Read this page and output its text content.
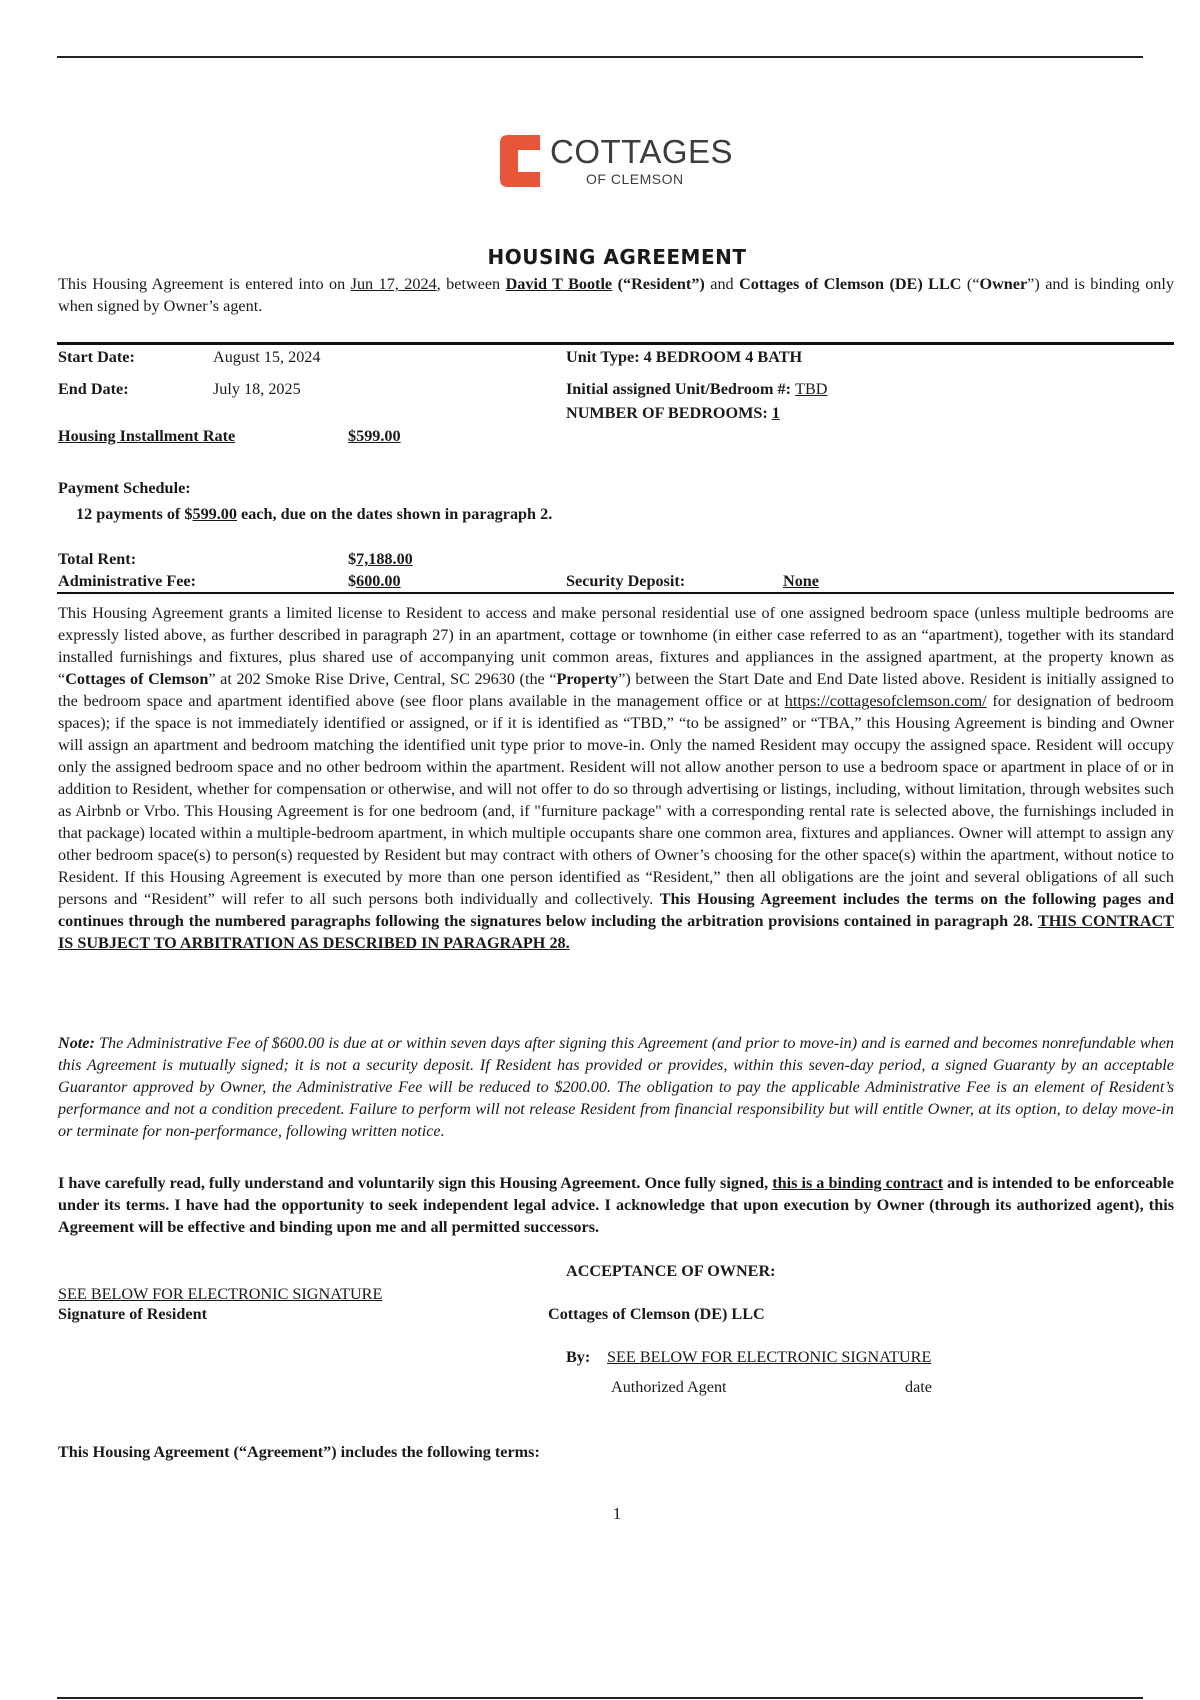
COTTAGES
OF CLEMSON
HOUSING AGREEMENT
This Housing Agreement is entered into on Jun 17, 2024, between David T Bootle (“Resident”) and Cottages of Clemson (DE) LLC (“Owner”) and is binding only when signed by Owner’s agent.
Start Date:	August 15, 2024	Unit Type: 4 BEDROOM 4 BATH
End Date:	July 18, 2025	Initial assigned Unit/Bedroom #: TBD
NUMBER OF BEDROOMS: 1
Housing Installment Rate	$599.00
Payment Schedule:
12 payments of $599.00 each, due on the dates shown in paragraph 2.
Total Rent:	$7,188.00
Administrative Fee:	$600.00	Security Deposit:	None
This Housing Agreement grants a limited license to Resident to access and make personal residential use of one assigned bedroom space (unless multiple bedrooms are expressly listed above, as further described in paragraph 27) in an apartment, cottage or townhome (in either case referred to as an “apartment), together with its standard installed furnishings and fixtures, plus shared use of accompanying unit common areas, fixtures and appliances in the assigned apartment, at the property known as “Cottages of Clemson” at 202 Smoke Rise Drive, Central, SC 29630 (the “Property”) between the Start Date and End Date listed above. Resident is initially assigned to the bedroom space and apartment identified above (see floor plans available in the management office or at https://cottagesofclemson.com/ for designation of bedroom spaces); if the space is not immediately identified or assigned, or if it is identified as “TBD,” “to be assigned” or “TBA,” this Housing Agreement is binding and Owner will assign an apartment and bedroom matching the identified unit type prior to move-in. Only the named Resident may occupy the assigned space. Resident will occupy only the assigned bedroom space and no other bedroom within the apartment. Resident will not allow another person to use a bedroom space or apartment in place of or in addition to Resident, whether for compensation or otherwise, and will not offer to do so through advertising or listings, including, without limitation, through websites such as Airbnb or Vrbo. This Housing Agreement is for one bedroom (and, if "furniture package" with a corresponding rental rate is selected above, the furnishings included in that package) located within a multiple-bedroom apartment, in which multiple occupants share one common area, fixtures and appliances. Owner will attempt to assign any other bedroom space(s) to person(s) requested by Resident but may contract with others of Owner’s choosing for the other space(s) within the apartment, without notice to Resident. If this Housing Agreement is executed by more than one person identified as “Resident,” then all obligations are the joint and several obligations of all such persons and “Resident” will refer to all such persons both individually and collectively. This Housing Agreement includes the terms on the following pages and continues through the numbered paragraphs following the signatures below including the arbitration provisions contained in paragraph 28. THIS CONTRACT IS SUBJECT TO ARBITRATION AS DESCRIBED IN PARAGRAPH 28.
Note: The Administrative Fee of $600.00 is due at or within seven days after signing this Agreement (and prior to move-in) and is earned and becomes nonrefundable when this Agreement is mutually signed; it is not a security deposit. If Resident has provided or provides, within this seven-day period, a signed Guaranty by an acceptable Guarantor approved by Owner, the Administrative Fee will be reduced to $200.00. The obligation to pay the applicable Administrative Fee is an element of Resident’s performance and not a condition precedent. Failure to perform will not release Resident from financial responsibility but will entitle Owner, at its option, to delay move-in or terminate for non-performance, following written notice.
I have carefully read, fully understand and voluntarily sign this Housing Agreement. Once fully signed, this is a binding contract and is intended to be enforceable under its terms. I have had the opportunity to seek independent legal advice. I acknowledge that upon execution by Owner (through its authorized agent), this Agreement will be effective and binding upon me and all permitted successors.
ACCEPTANCE OF OWNER:
SEE BELOW FOR ELECTRONIC SIGNATURE
Signature of Resident	Cottages of Clemson (DE) LLC
By: SEE BELOW FOR ELECTRONIC SIGNATURE
Authorized Agent	date
This Housing Agreement (“Agreement”) includes the following terms:
1
